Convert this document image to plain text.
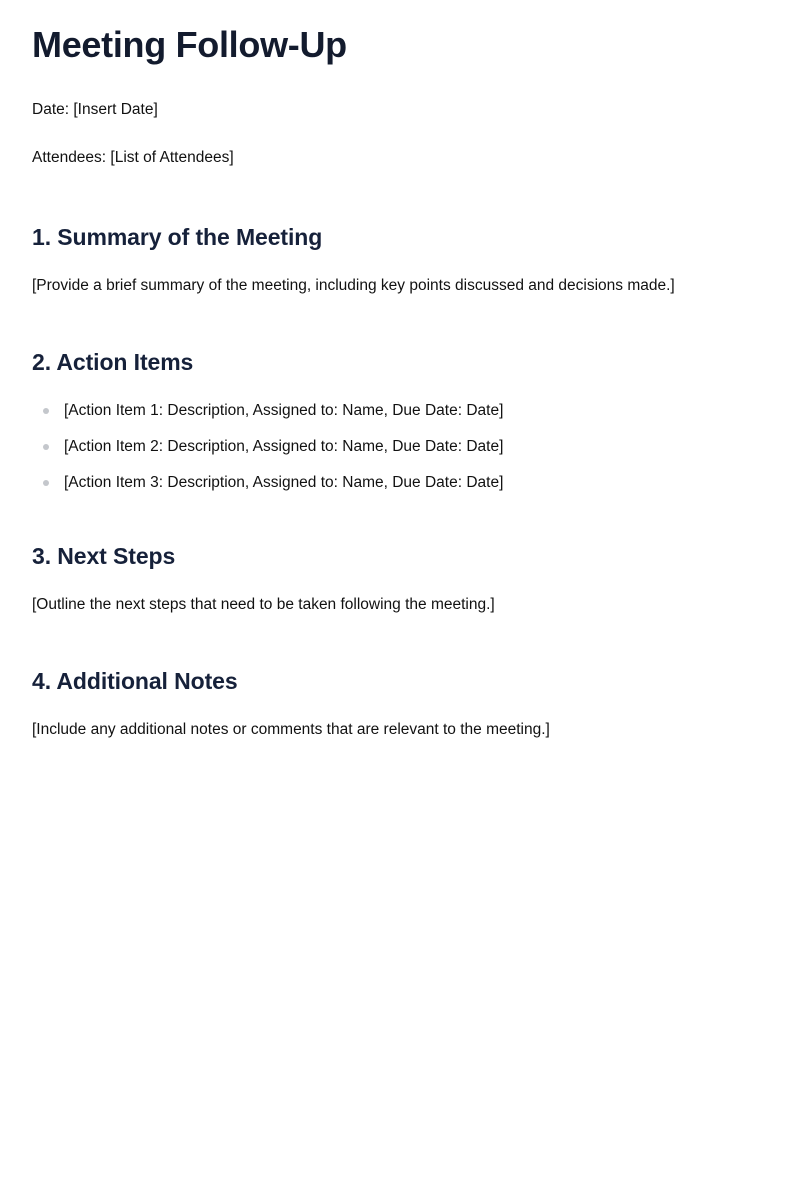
Meeting Follow-Up

Date: [Insert Date]

Attendees: [List of Attendees]

1. Summary of the Meeting

[Provide a brief summary of the meeting, including key points discussed and decisions made.]

2. Action Items
[Action Item 1: Description, Assigned to: Name, Due Date: Date]
[Action Item 2: Description, Assigned to: Name, Due Date: Date]
[Action Item 3: Description, Assigned to: Name, Due Date: Date]
3. Next Steps

[Outline the next steps that need to be taken following the meeting.]

4. Additional Notes

[Include any additional notes or comments that are relevant to the meeting.]
